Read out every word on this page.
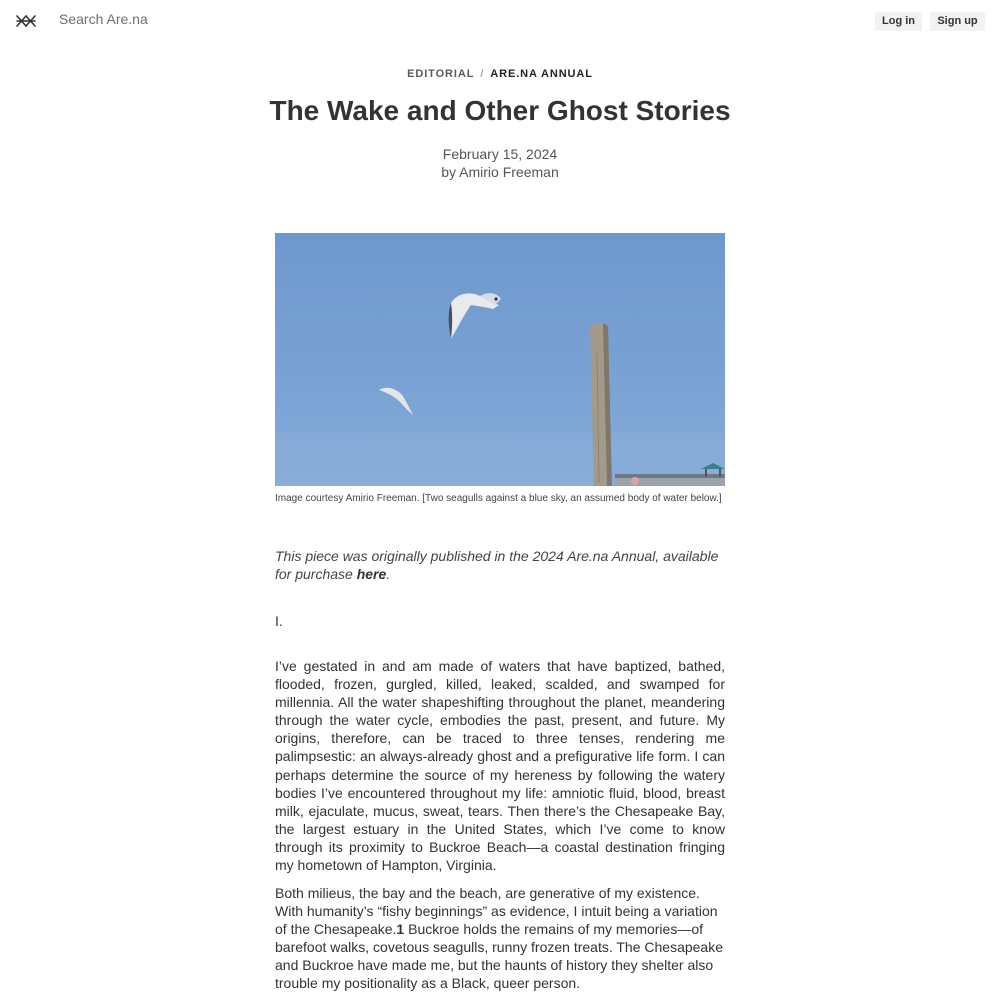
Search Are.na	Log in	Sign up
EDITORIAL / ARE.NA ANNUAL
The Wake and Other Ghost Stories
February 15, 2024
by Amirio Freeman
Image courtesy Amirio Freeman. [Two seagulls against a blue sky, an assumed body of water below.]
This piece was originally published in the 2024 Are.na Annual, available for purchase here.
I.
I’ve gestated in and am made of waters that have baptized, bathed, flooded, frozen, gurgled, killed, leaked, scalded, and swamped for millennia. All the water shapeshifting throughout the planet, meandering through the water cycle, embodies the past, present, and future. My origins, therefore, can be traced to three tenses, rendering me palimpsestic: an always-already ghost and a prefigurative life form. I can perhaps determine the source of my hereness by following the watery bodies I’ve encountered throughout my life: amniotic fluid, blood, breast milk, ejaculate, mucus, sweat, tears. Then there’s the Chesapeake Bay, the largest estuary in the United States, which I’ve come to know through its proximity to Buckroe Beach—a coastal destination fringing my hometown of Hampton, Virginia.
Both milieus, the bay and the beach, are generative of my existence. With humanity’s “fishy beginnings” as evidence, I intuit being a variation of the Chesapeake.1 Buckroe holds the remains of my memories—of barefoot walks, covetous seagulls, runny frozen treats. The Chesapeake and Buckroe have made me, but the haunts of history they shelter also trouble my positionality as a Black, queer person.
